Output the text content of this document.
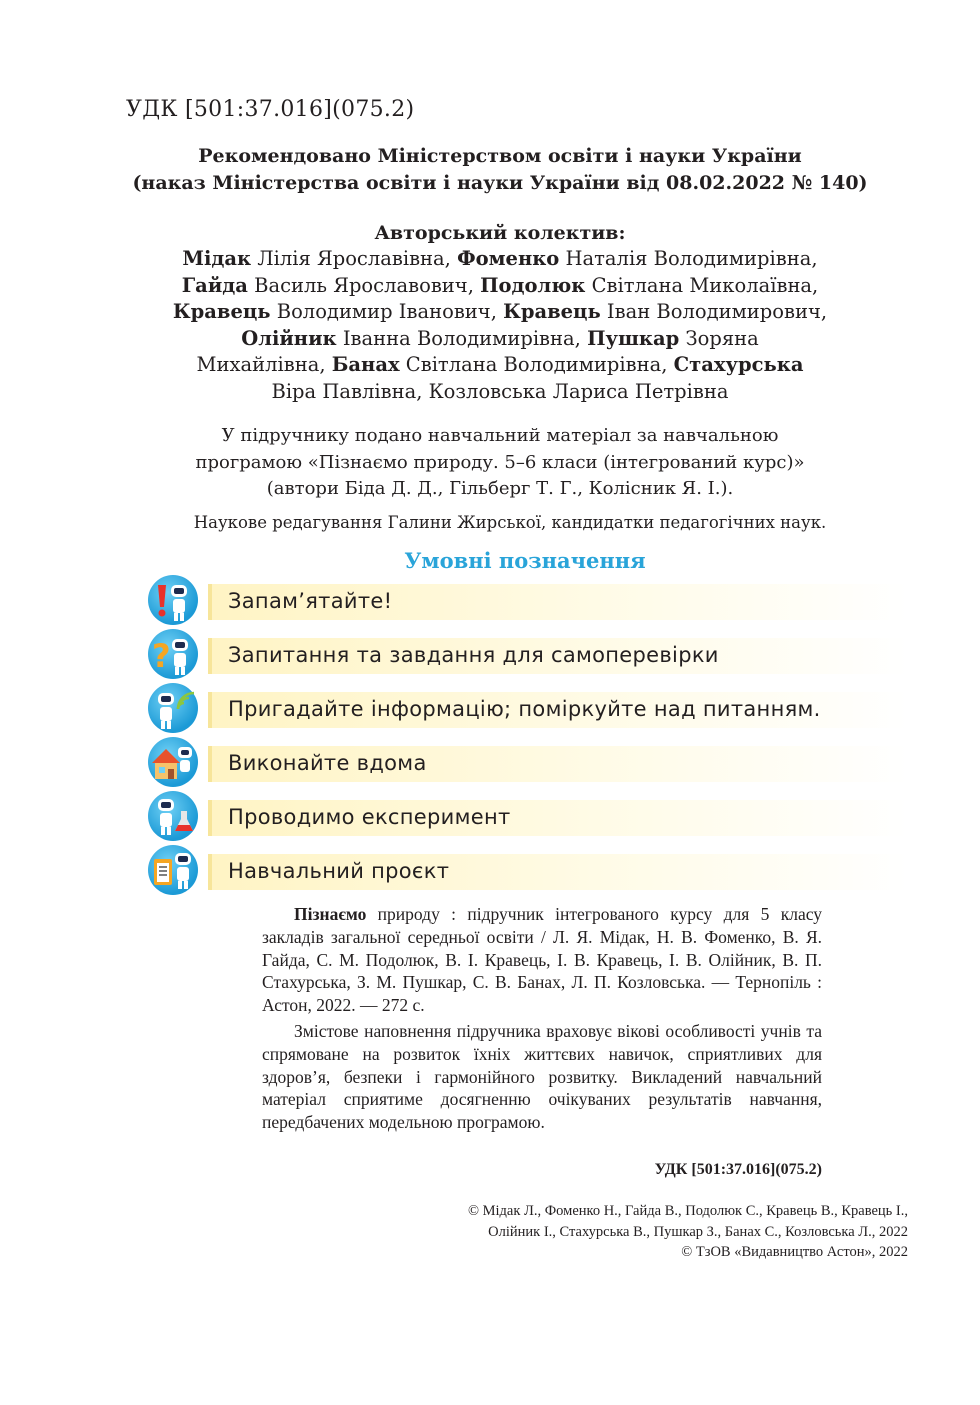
УДК [501:37.016](075.2)
Рекомендовано Міністерством освіти і науки України
(наказ Міністерства освіти і науки України від 08.02.2022 № 140)
Авторський колектив:
Мідак Лілія Ярославівна, Фоменко Наталія Володимирівна,
Гайда Василь Ярославович, Подолюк Світлана Миколаївна,
Кравець Володимир Іванович, Кравець Іван Володимирович,
Олійник Іванна Володимирівна, Пушкар Зоряна
Михайлівна, Банах Світлана Володимирівна, Стахурська
Віра Павлівна, Козловська Лариса Петрівна
У підручнику подано навчальний матеріал за навчальною
програмою «Пізнаємо природу. 5–6 класи (інтегрований курс)»
(автори Біда Д. Д., Гільберг Т. Г., Колісник Я. І.).
Наукове редагування Галини Жирської, кандидатки педагогічних наук.
Умовні позначення
Запам’ятайте!
?	Запитання та завдання для самоперевірки
Пригадайте інформацію; поміркуйте над питанням.
Виконайте вдома
Проводимо експеримент
Навчальний проєкт

Пізнаємо природу : підручник інтегрованого курсу для 5 класу закладів загальної середньої освіти / Л. Я. Мідак, Н. В. Фоменко, В. Я. Гайда, С. М. Подолюк, В. І. Кравець, І. В. Кравець, І. В. Олійник, В. П. Стахурська, З. М. Пушкар, С. В. Банах, Л. П. Козловська. — Тернопіль : Астон, 2022. — 272 с.

Змістове наповнення підручника враховує вікові особливості учнів та спрямоване на розвиток їхніх життєвих навичок, сприятливих для здоров’я, безпеки і гармонійного розвитку. Викладений навчальний матеріал сприятиме досягненню очікуваних результатів навчання, передбачених модельною програмою.

УДК [501:37.016](075.2)
© Мідак Л., Фоменко Н., Гайда В., Подолюк С., Кравець В., Кравець І.,
Олійник І., Стахурська В., Пушкар З., Банах С., Козловська Л., 2022
© ТзОВ «Видавництво Астон», 2022
